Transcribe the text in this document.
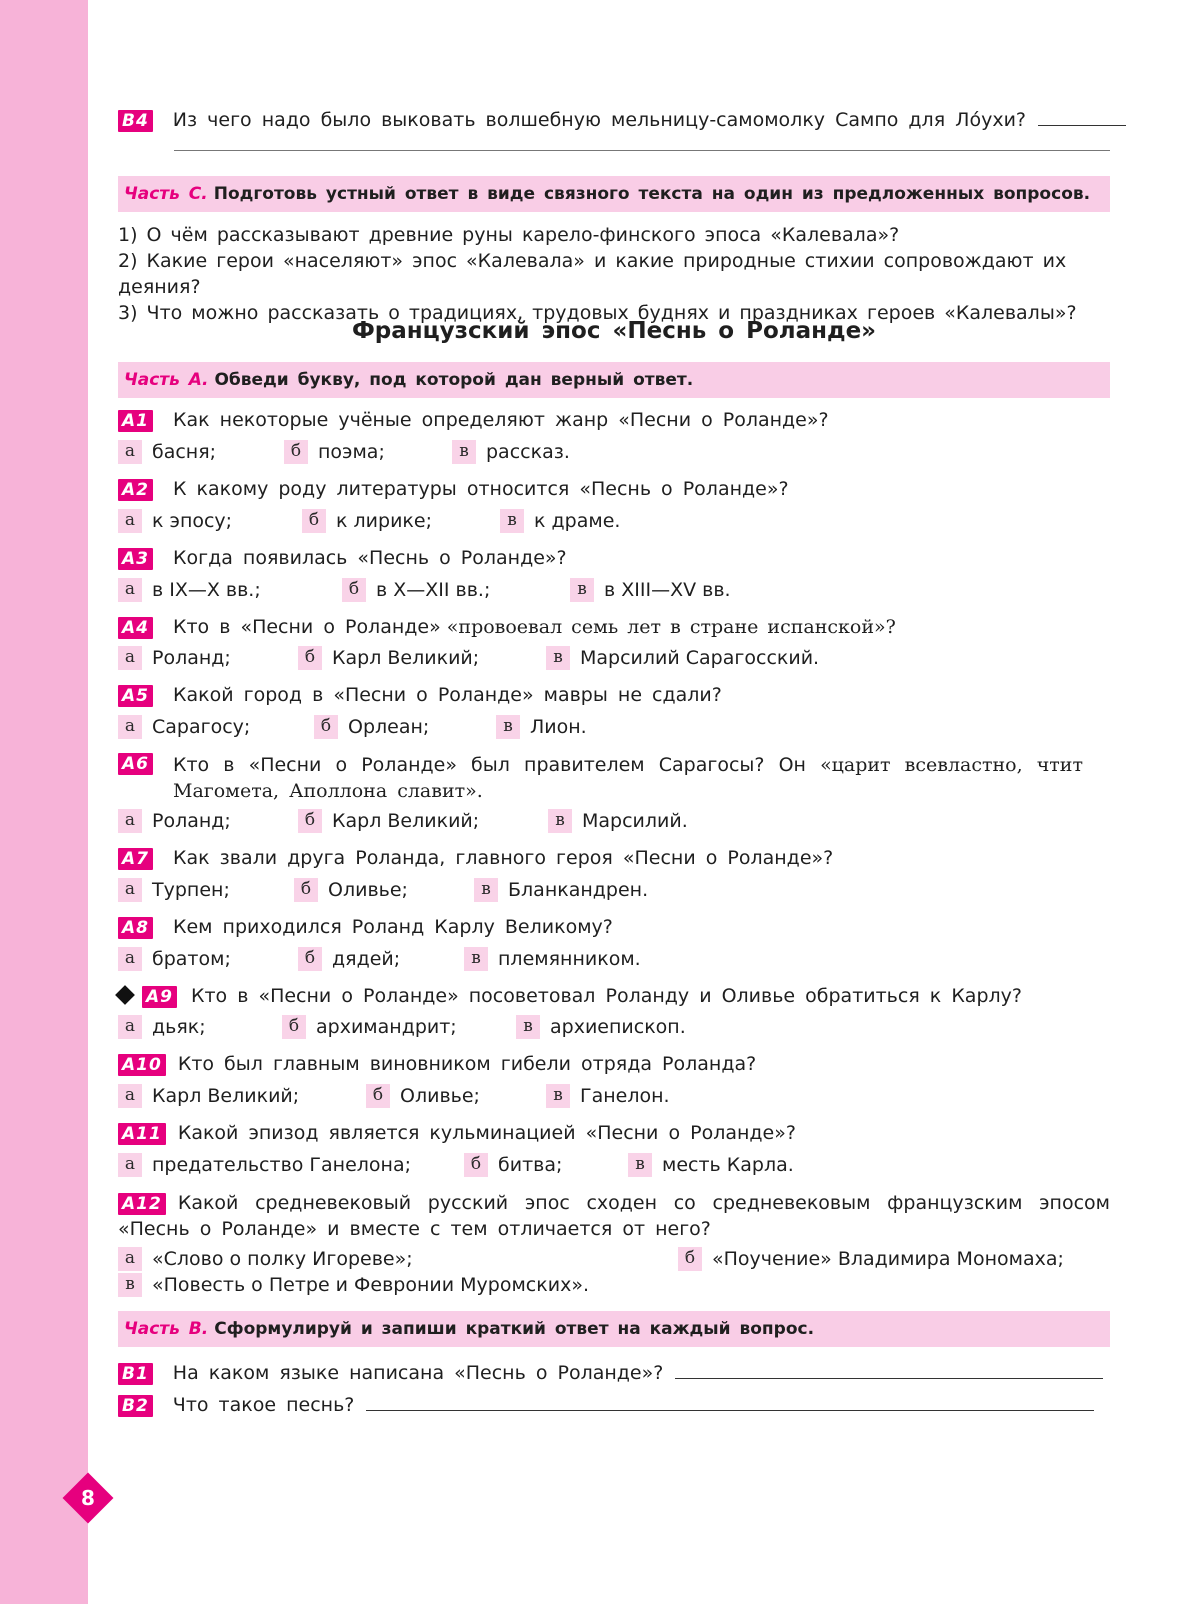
8
В4 Из чего надо было выковать волшебную мельницу-самомолку Сампо для Ло́ухи?
Часть С. Подготовь устный ответ в виде связного текста на один из предложенных вопросов.
1) О чём рассказывают древние руны карело-финского эпоса «Калевала»?
2) Какие герои «населяют» эпос «Калевала» и какие природные стихии сопровождают их деяния?
3) Что можно рассказать о традициях, трудовых буднях и праздниках героев «Калевалы»?
Французский эпос «Песнь о Роланде»
Часть А. Обведи букву, под которой дан верный ответ.
А1 Как некоторые учёные определяют жанр «Песни о Роланде»?
а басня;	б поэма;	в рассказ.
А2 К какому роду литературы относится «Песнь о Роланде»?
а к эпосу;	б к лирике;	в к драме.
А3 Когда появилась «Песнь о Роланде»?
а в IX—X вв.;	б в X—XII вв.;	в в XIII—XV вв.
А4 Кто в «Песни о Роланде»
«провоевал семь лет в стране испанской»?
а Роланд;	б Карл Великий;	в Марсилий Сарагосский.
А5 Какой город в «Песни о Роланде» мавры не сдали?
а Сарагосу;	б Орлеан;	в Лион.
А6 Кто в «Песни о Роланде» был правителем Сарагосы? Он «царит всевластно, чтит Магомета, Аполлона славит».
а Роланд;	б Карл Великий;	в Марсилий.
А7 Как звали друга Роланда, главного героя «Песни о Роланде»?
а Турпен;	б Оливье;	в Бланкандрен.
А8 Кем приходился Роланд Карлу Великому?
а братом;	б дядей;	в племянником.
А9 Кто в «Песни о Роланде» посоветовал Роланду и Оливье обратиться к Карлу?
а дьяк;	б архимандрит;	в архиепископ.
А10 Кто был главным виновником гибели отряда Роланда?
а Карл Великий;	б Оливье;	в Ганелон.
А11 Какой эпизод является кульминацией «Песни о Роланде»?
а предательство Ганелона;	б битва;	в месть Карла.
А12 Какой средневековый русский эпос сходен со средневековым французским эпосом «Песнь о Роланде» и вместе с тем отличается от него?
а «Слово о полку Игореве»;	б «Поучение» Владимира Мономаха;
в «Повесть о Петре и Февронии Муромских».
Часть В. Сформулируй и запиши краткий ответ на каждый вопрос.
В1 На каком языке написана «Песнь о Роланде»?
В2 Что такое песнь?
